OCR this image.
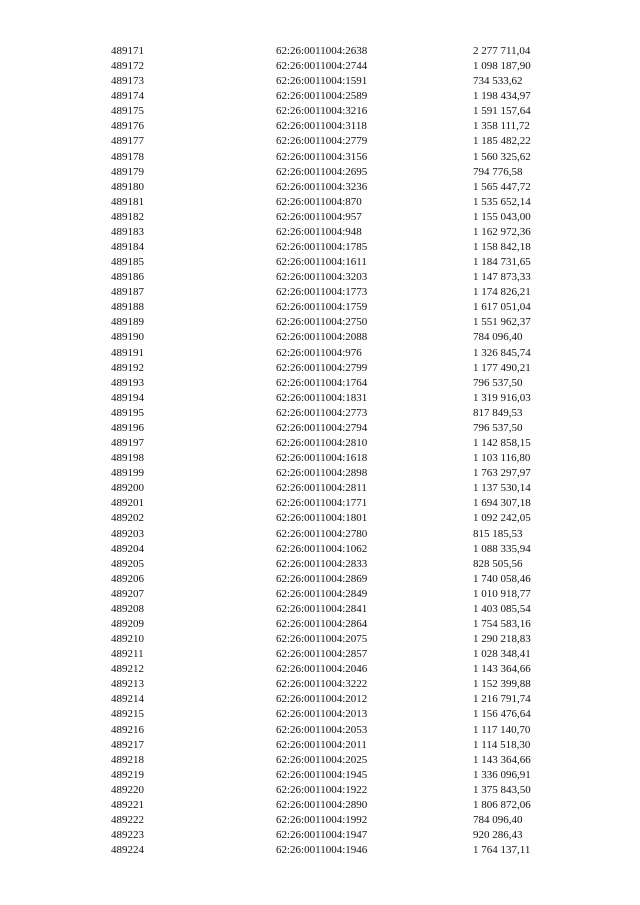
489171	62:26:0011004:2638	2 277 711,04
489172	62:26:0011004:2744	1 098 187,90
489173	62:26:0011004:1591	734 533,62
489174	62:26:0011004:2589	1 198 434,97
489175	62:26:0011004:3216	1 591 157,64
489176	62:26:0011004:3118	1 358 111,72
489177	62:26:0011004:2779	1 185 482,22
489178	62:26:0011004:3156	1 560 325,62
489179	62:26:0011004:2695	794 776,58
489180	62:26:0011004:3236	1 565 447,72
489181	62:26:0011004:870	1 535 652,14
489182	62:26:0011004:957	1 155 043,00
489183	62:26:0011004:948	1 162 972,36
489184	62:26:0011004:1785	1 158 842,18
489185	62:26:0011004:1611	1 184 731,65
489186	62:26:0011004:3203	1 147 873,33
489187	62:26:0011004:1773	1 174 826,21
489188	62:26:0011004:1759	1 617 051,04
489189	62:26:0011004:2750	1 551 962,37
489190	62:26:0011004:2088	784 096,40
489191	62:26:0011004:976	1 326 845,74
489192	62:26:0011004:2799	1 177 490,21
489193	62:26:0011004:1764	796 537,50
489194	62:26:0011004:1831	1 319 916,03
489195	62:26:0011004:2773	817 849,53
489196	62:26:0011004:2794	796 537,50
489197	62:26:0011004:2810	1 142 858,15
489198	62:26:0011004:1618	1 103 116,80
489199	62:26:0011004:2898	1 763 297,97
489200	62:26:0011004:2811	1 137 530,14
489201	62:26:0011004:1771	1 694 307,18
489202	62:26:0011004:1801	1 092 242,05
489203	62:26:0011004:2780	815 185,53
489204	62:26:0011004:1062	1 088 335,94
489205	62:26:0011004:2833	828 505,56
489206	62:26:0011004:2869	1 740 058,46
489207	62:26:0011004:2849	1 010 918,77
489208	62:26:0011004:2841	1 403 085,54
489209	62:26:0011004:2864	1 754 583,16
489210	62:26:0011004:2075	1 290 218,83
489211	62:26:0011004:2857	1 028 348,41
489212	62:26:0011004:2046	1 143 364,66
489213	62:26:0011004:3222	1 152 399,88
489214	62:26:0011004:2012	1 216 791,74
489215	62:26:0011004:2013	1 156 476,64
489216	62:26:0011004:2053	1 117 140,70
489217	62:26:0011004:2011	1 114 518,30
489218	62:26:0011004:2025	1 143 364,66
489219	62:26:0011004:1945	1 336 096,91
489220	62:26:0011004:1922	1 375 843,50
489221	62:26:0011004:2890	1 806 872,06
489222	62:26:0011004:1992	784 096,40
489223	62:26:0011004:1947	920 286,43
489224	62:26:0011004:1946	1 764 137,11
